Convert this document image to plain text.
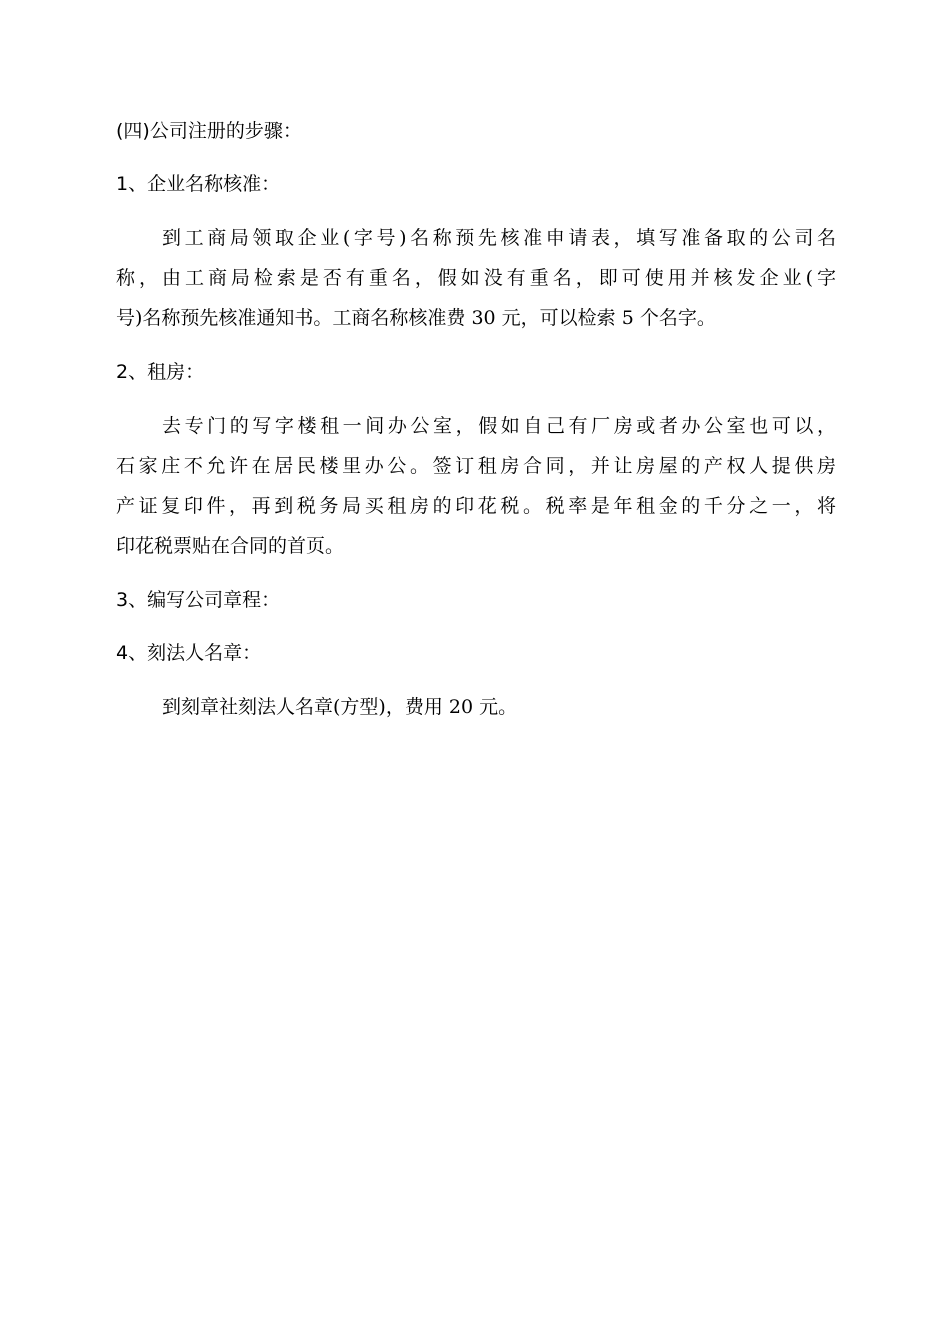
(四)公司注册的步骤：
1、企业名称核准：
到工商局领取企业(字号)名称预先核准申请表，填写准备取的公司名
称，由工商局检索是否有重名，假如没有重名，即可使用并核发企业(字
号)名称预先核准通知书。工商名称核准费 30 元，可以检索 5 个名字。
2、租房：
去专门的写字楼租一间办公室，假如自己有厂房或者办公室也可以，
石家庄不允许在居民楼里办公。签订租房合同，并让房屋的产权人提供房
产证复印件，再到税务局买租房的印花税。税率是年租金的千分之一，将
印花税票贴在合同的首页。
3、编写公司章程：
4、刻法人名章：
到刻章社刻法人名章(方型)，费用 20 元。
